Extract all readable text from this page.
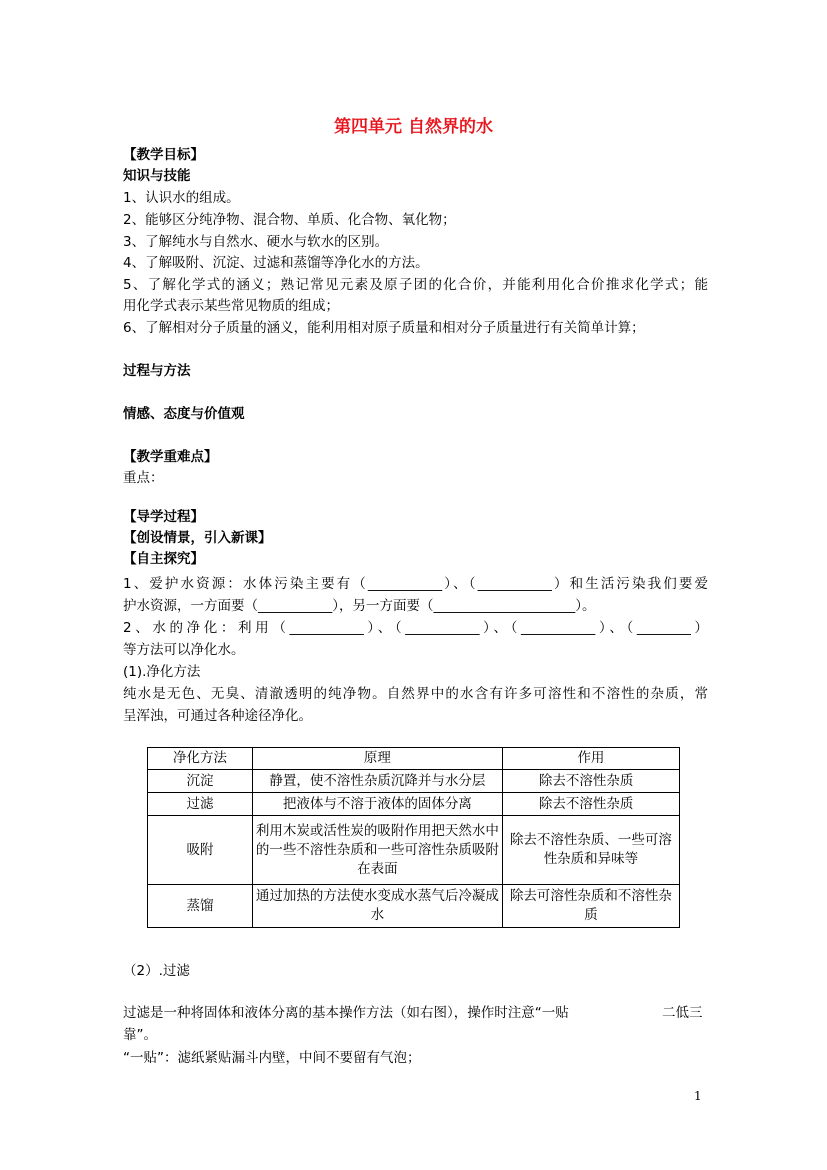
第四单元 自然界的水
【教学目标】
知识与技能
1、认识水的组成。
2、能够区分纯净物、混合物、单质、化合物、氧化物；
3、了解纯水与自然水、硬水与软水的区别。
4、了解吸附、沉淀、过滤和蒸馏等净化水的方法。
5、了解化学式的涵义；熟记常见元素及原子团的化合价，并能利用化合价推求化学式；能
用化学式表示某些常见物质的组成；
6、了解相对分子质量的涵义，能利用相对原子质量和相对分子质量进行有关简单计算；
过程与方法
情感、态度与价值观
【教学重难点】
重点：
【导学过程】
【创设情景，引入新课】
【自主探究】
1、爱护水资源：水体污染主要有（___________）、（___________）和生活污染我们要爱
护水资源，一方面要（___________），另一方面要（_____________________）。
2、水的净化：利用（___________）、（___________）、（___________）、（________）
等方法可以净化水。
(1).净化方法
纯水是无色、无臭、清澈透明的纯净物。自然界中的水含有许多可溶性和不溶性的杂质，常
呈浑浊，可通过各种途径净化。
净化方法	原理	作用
沉淀	静置，使不溶性杂质沉降并与水分层	除去不溶性杂质
过滤	把液体与不溶于液体的固体分离	除去不溶性杂质
吸附	利用木炭或活性炭的吸附作用把天然水中的一些不溶性杂质和一些可溶性杂质吸附在表面	除去不溶性杂质、一些可溶性杂质和异味等
蒸馏	通过加热的方法使水变成水蒸气后冷凝成水	除去可溶性杂质和不溶性杂质
（2）.过滤
过滤是一种将固体和液体分离的基本操作方法（如右图），操作时注意“一贴	二低三
靠”。
“一贴”：滤纸紧贴漏斗内壁，中间不要留有气泡；
1
